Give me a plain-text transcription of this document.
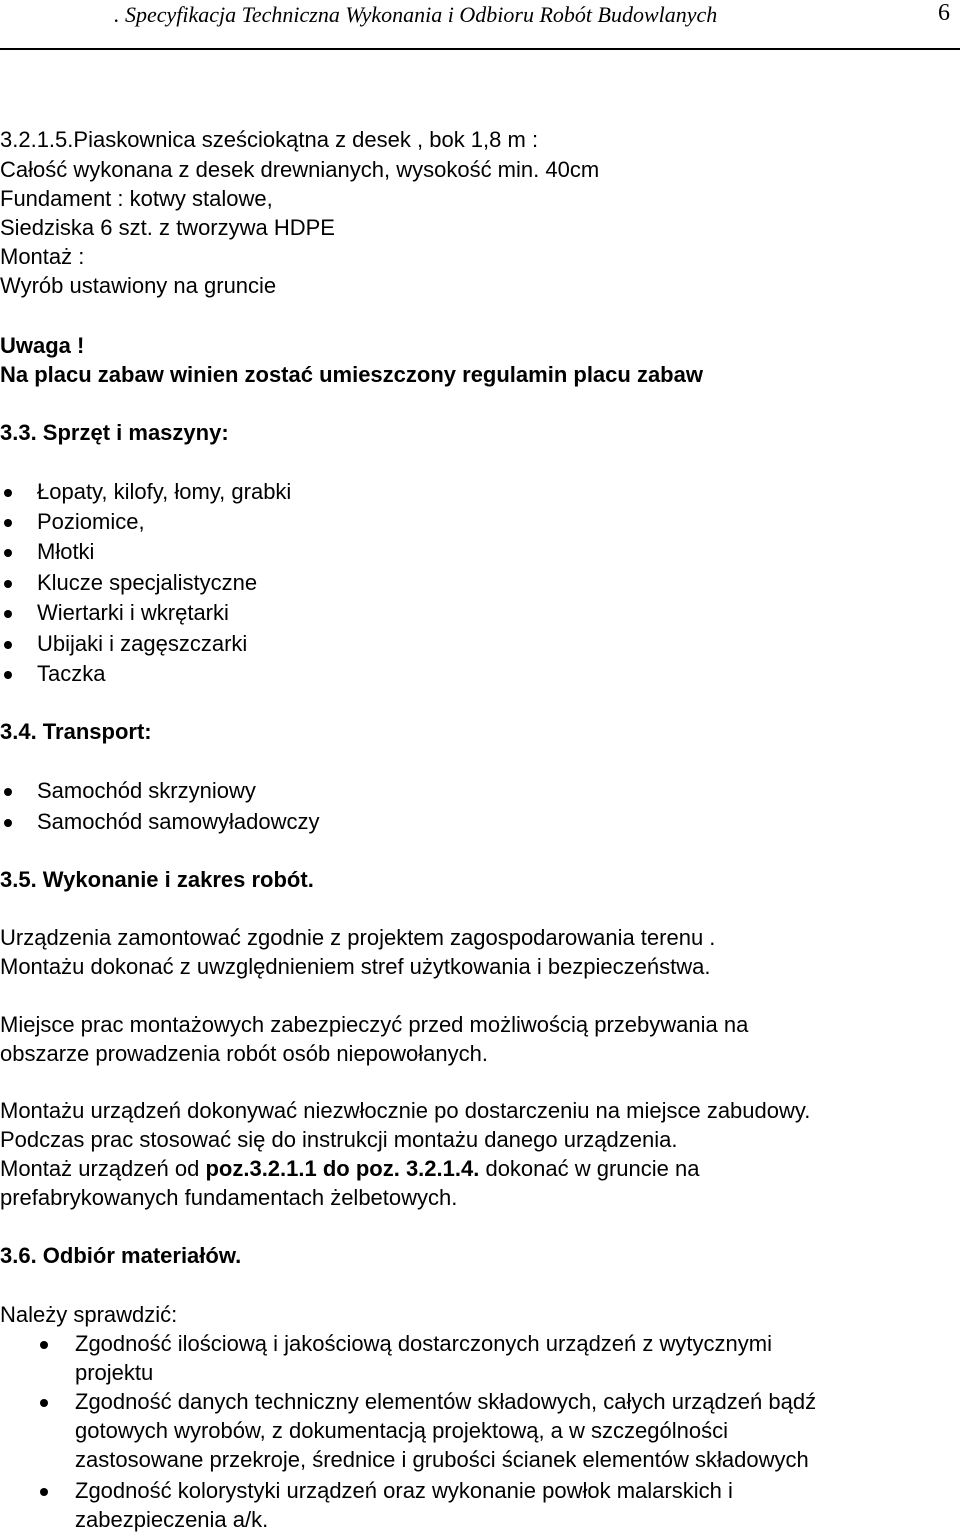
. Specyfikacja Techniczna Wykonania i Odbioru Robót Budowlanych	6
3.2.1.5.Piaskownica sześciokątna z desek , bok 1,8 m :
Całość wykonana z desek drewnianych, wysokość min. 40cm
Fundament : kotwy stalowe,
Siedziska 6 szt. z tworzywa HDPE
Montaż :
Wyrób ustawiony na gruncie
Uwaga !
Na placu zabaw winien zostać umieszczony regulamin placu zabaw
3.3. Sprzęt i maszyny:
Łopaty, kilofy, łomy, grabki
Poziomice,
Młotki
Klucze specjalistyczne
Wiertarki i wkrętarki
Ubijaki i zagęszczarki
Taczka
3.4. Transport:
Samochód skrzyniowy
Samochód samowyładowczy
3.5. Wykonanie i zakres robót.
Urządzenia zamontować zgodnie z projektem zagospodarowania terenu .
Montażu dokonać z uwzględnieniem stref użytkowania i bezpieczeństwa.
Miejsce prac montażowych zabezpieczyć przed możliwością przebywania na
obszarze prowadzenia robót osób niepowołanych.
Montażu urządzeń dokonywać niezwłocznie po dostarczeniu na miejsce zabudowy.
Podczas prac stosować się do instrukcji montażu danego urządzenia.
Montaż urządzeń od poz.3.2.1.1 do poz. 3.2.1.4. dokonać w gruncie na
prefabrykowanych fundamentach żelbetowych.
3.6. Odbiór materiałów.
Należy sprawdzić:
Zgodność ilościową i jakościową dostarczonych urządzeń z wytycznymi
projektu
Zgodność danych techniczny elementów składowych, całych urządzeń bądź
gotowych wyrobów, z dokumentacją projektową, a w szczególności
zastosowane przekroje, średnice i grubości ścianek elementów składowych
Zgodność kolorystyki urządzeń oraz wykonanie powłok malarskich i
zabezpieczenia a/k.
